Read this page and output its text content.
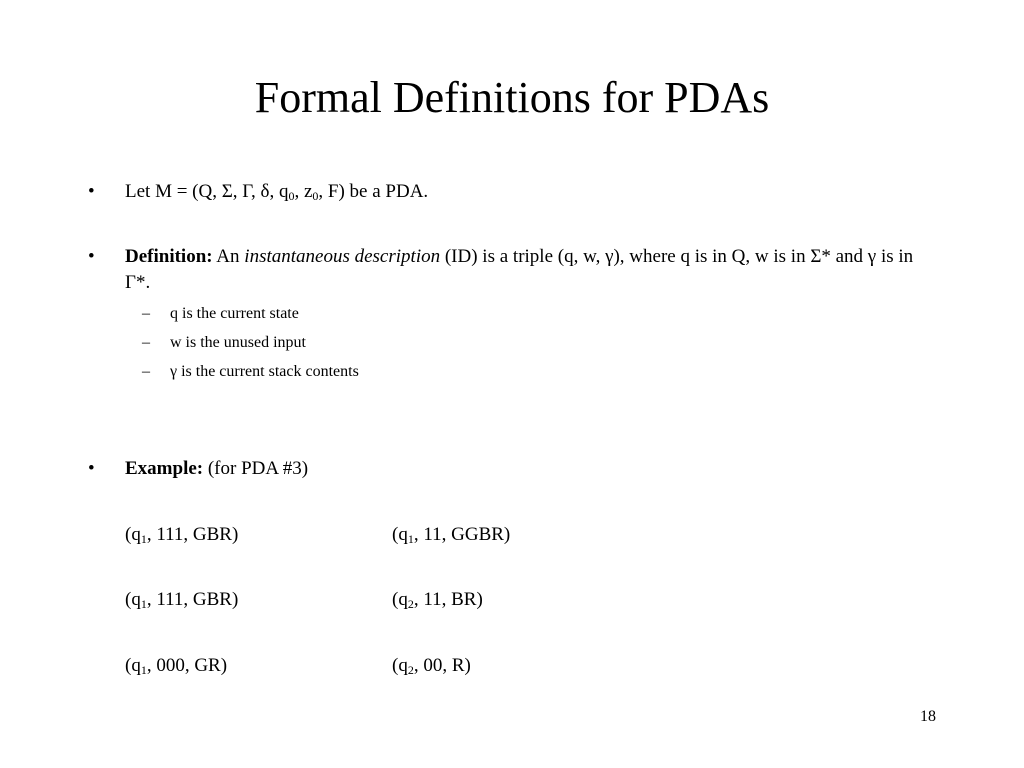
Formal Definitions for PDAs
• Let M = (Q, Σ, Γ, δ, $q_0$, $z_0$, F) be a PDA.
• Definition: An instantaneous description (ID) is a triple (q, w, γ), where q is in Q, w is in Σ* and γ is in Γ*.
– q is the current state
– w is the unused input
– γ is the current stack contents
• Example: (for PDA #3)
($q_1$, 111, GBR)	($q_1$, 11, GGBR)
($q_1$, 111, GBR)	($q_2$, 11, BR)
($q_1$, 000, GR)	($q_2$, 00, R)
18
